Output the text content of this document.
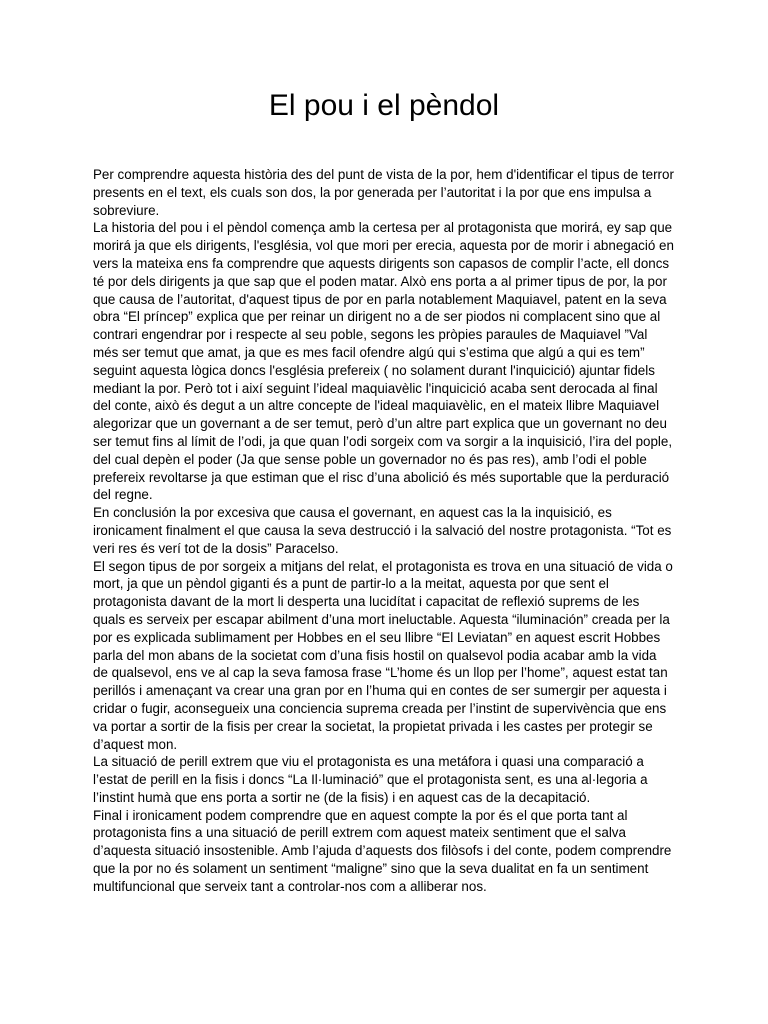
El pou i el pèndol

Per comprendre aquesta història des del punt de vista de la por, hem d'identificar el tipus de terror presents en el text, els cuals son dos, la por generada per l’autoritat i la por que ens impulsa a sobreviure.

La historia del pou i el pèndol comença amb la certesa per al protagonista que morirá, ey sap que morirá ja que els dirigents, l'església, vol que mori per erecia, aquesta por de morir i abnegació en vers la mateixa ens fa comprendre que aquests dirigents son capasos de complir l’acte, ell doncs té por dels dirigents ja que sap que el poden matar. Alxò ens porta a al primer tipus de por, la por que causa de l’autoritat, d'aquest tipus de por en parla notablement Maquiavel, patent en la seva obra “El príncep” explica que per reinar un dirigent no a de ser piodos ni complacent sino que al contrari engendrar por i respecte al seu poble, segons les pròpies paraules de Maquiavel ”Val més ser temut que amat, ja que es mes facil ofendre algú qui s’estima que algú a qui es tem” seguint aquesta lògica doncs l'església prefereix ( no solament durant l'inquicició) ajuntar fidels mediant la por. Però tot i així seguint l’ideal maquiavèlic l'inquicició acaba sent derocada al final del conte, això és degut a un altre concepte de l'ideal maquiavèlic, en el mateix llibre Maquiavel alegorizar que un governant a de ser temut, però d’un altre part explica que un governant no deu ser temut fins al límit de l’odi, ja que quan l’odi sorgeix com va sorgir a la inquisició, l’ira del pople, del cual depèn el poder (Ja que sense poble un governador no és pas res), amb l’odi el poble prefereix revoltarse ja que estiman que el risc d’una abolició és més suportable que la perduració del regne.

En conclusión la por excesiva que causa el governant, en aquest cas la la inquisició, es ironicament finalment el que causa la seva destrucció i la salvació del nostre protagonista. “Tot es veri res és verí tot de la dosis” Paracelso.

El segon tipus de por sorgeix a mitjans del relat, el protagonista es trova en una situació de vida o mort, ja que un pèndol giganti és a punt de partir-lo a la meitat, aquesta por que sent el protagonista davant de la mort li desperta una lucidítat i capacitat de reflexió suprems de les quals es serveix per escapar abilment d’una mort ineluctable. Aquesta “iluminación” creada per la por es explicada sublimament per Hobbes en el seu llibre “El Leviatan” en aquest escrit Hobbes parla del mon abans de la societat com d’una fisis hostil on qualsevol podia acabar amb la vida de qualsevol, ens ve al cap la seva famosa frase “L’home és un llop per l’home”, aquest estat tan perillós i amenaçant va crear una gran por en l’huma qui en contes de ser sumergir per aquesta i cridar o fugir, aconsegueix una conciencia suprema creada per l’instint de supervivència que ens va portar a sortir de la fisis per crear la societat, la propietat privada i les castes per protegir se d’aquest mon.

La situació de perill extrem que viu el protagonista es una metáfora i quasi una comparació a l’estat de perill en la fisis i doncs “La Il·luminació” que el protagonista sent, es una al·legoria a l’instint humà que ens porta a sortir ne (de la fisis) i en aquest cas de la decapitació.

Final i ironicament podem comprendre que en aquest compte la por és el que porta tant al protagonista fins a una situació de perill extrem com aquest mateix sentiment que el salva d’aquesta situació insostenible. Amb l’ajuda d’aquests dos filòsofs i del conte, podem comprendre que la por no és solament un sentiment “maligne” sino que la seva dualitat en fa un sentiment multifuncional que serveix tant a controlar-nos com a alliberar nos.
